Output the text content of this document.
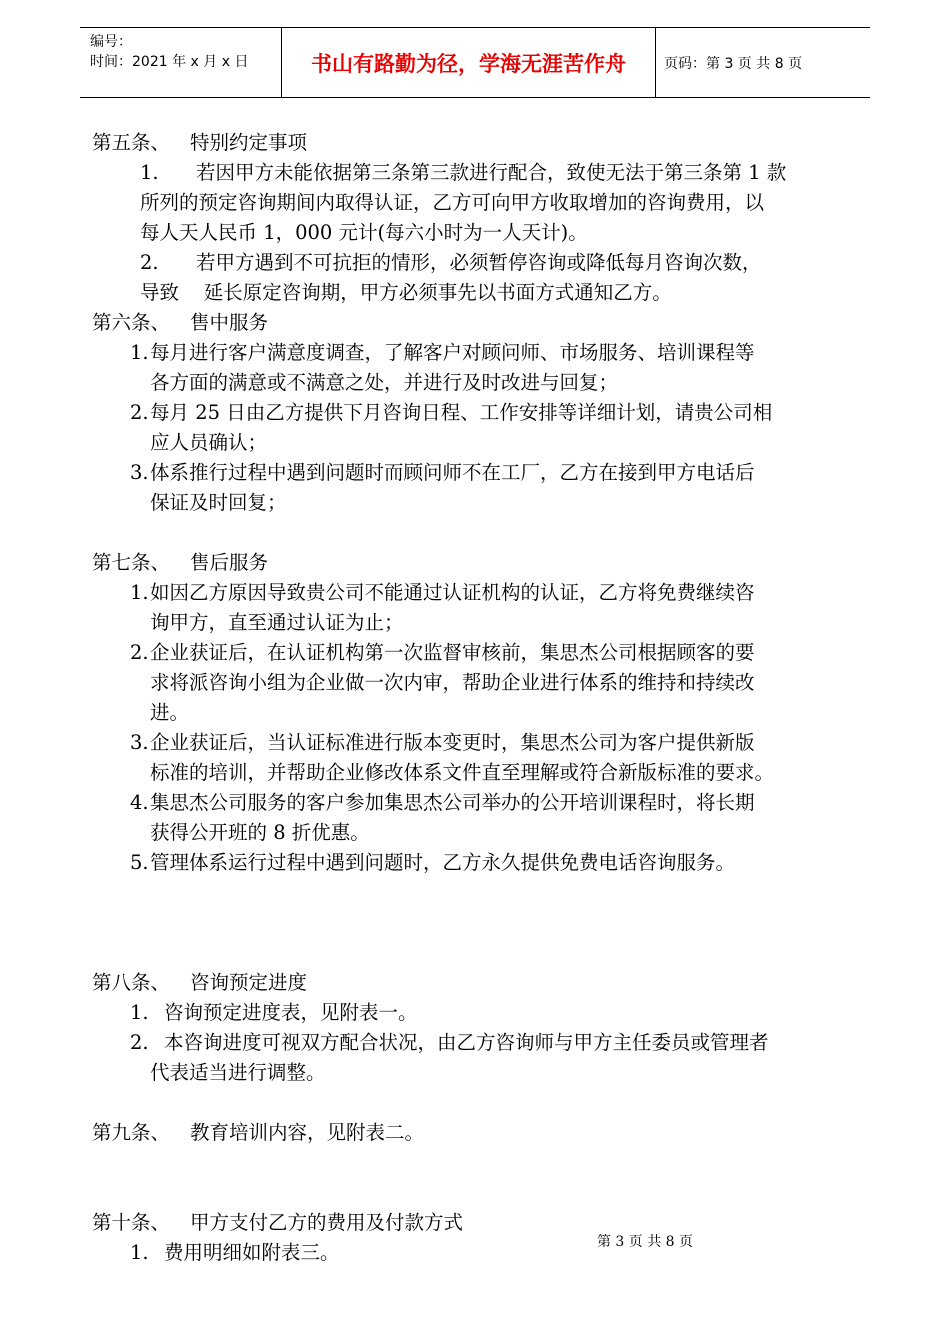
编号：
时间：2021 年 x 月 x 日	书山有路勤为径，学海无涯苦作舟	页码：第 3 页 共 8 页
第五条、 特别约定事项
1. 若因甲方未能依据第三条第三款进行配合，致使无法于第三条第 1 款
所列的预定咨询期间内取得认证，乙方可向甲方收取增加的咨询费用，以
每人天人民币 1，000 元计(每六小时为一人天计)。
2. 若甲方遇到不可抗拒的情形，必须暂停咨询或降低每月咨询次数，
导致    延长原定咨询期，甲方必须事先以书面方式通知乙方。
第六条、 售中服务
1.每月进行客户满意度调查，了解客户对顾问师、市场服务、培训课程等
各方面的满意或不满意之处，并进行及时改进与回复；
2.每月 25 日由乙方提供下月咨询日程、工作安排等详细计划，请贵公司相
应人员确认；
3.体系推行过程中遇到问题时而顾问师不在工厂，乙方在接到甲方电话后
保证及时回复；
第七条、 售后服务
1.如因乙方原因导致贵公司不能通过认证机构的认证，乙方将免费继续咨
询甲方，直至通过认证为止；
2.企业获证后，在认证机构第一次监督审核前，集思杰公司根据顾客的要
求将派咨询小组为企业做一次内审，帮助企业进行体系的维持和持续改
进。
3.企业获证后，当认证标准进行版本变更时，集思杰公司为客户提供新版
标准的培训，并帮助企业修改体系文件直至理解或符合新版标准的要求。
4.集思杰公司服务的客户参加集思杰公司举办的公开培训课程时，将长期
获得公开班的 8 折优惠。
5.管理体系运行过程中遇到问题时，乙方永久提供免费电话咨询服务。
第八条、 咨询预定进度
1. 咨询预定进度表，见附表一。
2. 本咨询进度可视双方配合状况，由乙方咨询师与甲方主任委员或管理者
代表适当进行调整。
第九条、 教育培训内容，见附表二。
第十条、 甲方支付乙方的费用及付款方式
1. 费用明细如附表三。	第 3 页 共 8 页
